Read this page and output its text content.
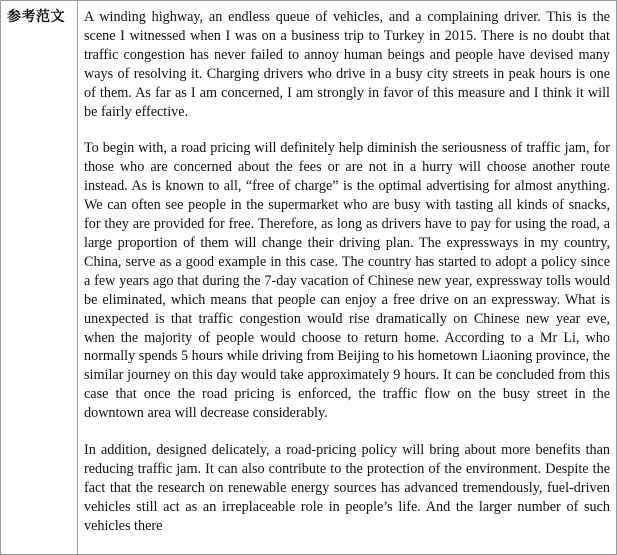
参考范文	A winding highway, an endless queue of vehicles, and a complaining driver. This is the scene I witnessed when I was on a business trip to Turkey in 2015. There is no doubt that traffic congestion has never failed to annoy human beings and people have devised many ways of resolving it. Charging drivers who drive in a busy city streets in peak hours is one of them. As far as I am concerned, I am strongly in favor of this measure and I think it will be fairly effective.

To begin with, a road pricing will definitely help diminish the seriousness of traffic jam, for those who are concerned about the fees or are not in a hurry will choose another route instead. As is known to all, “free of charge” is the optimal advertising for almost anything. We can often see people in the supermarket who are busy with tasting all kinds of snacks, for they are provided for free. Therefore, as long as drivers have to pay for using the road, a large proportion of them will change their driving plan. The expressways in my country, China, serve as a good example in this case. The country has started to adopt a policy since a few years ago that during the 7-day vacation of Chinese new year, expressway tolls would be eliminated, which means that people can enjoy a free drive on an expressway. What is unexpected is that traffic congestion would rise dramatically on Chinese new year eve, when the majority of people would choose to return home. According to a Mr Li, who normally spends 5 hours while driving from Beijing to his hometown Liaoning province, the similar journey on this day would take approximately 9 hours. It can be concluded from this case that once the road pricing is enforced, the traffic flow on the busy street in the downtown area will decrease considerably.

In addition, designed delicately, a road-pricing policy will bring about more benefits than reducing traffic jam. It can also contribute to the protection of the environment. Despite the fact that the research on renewable energy sources has advanced tremendously, fuel-driven vehicles still act as an irreplaceable role in people’s life. And the larger number of such vehicles there
